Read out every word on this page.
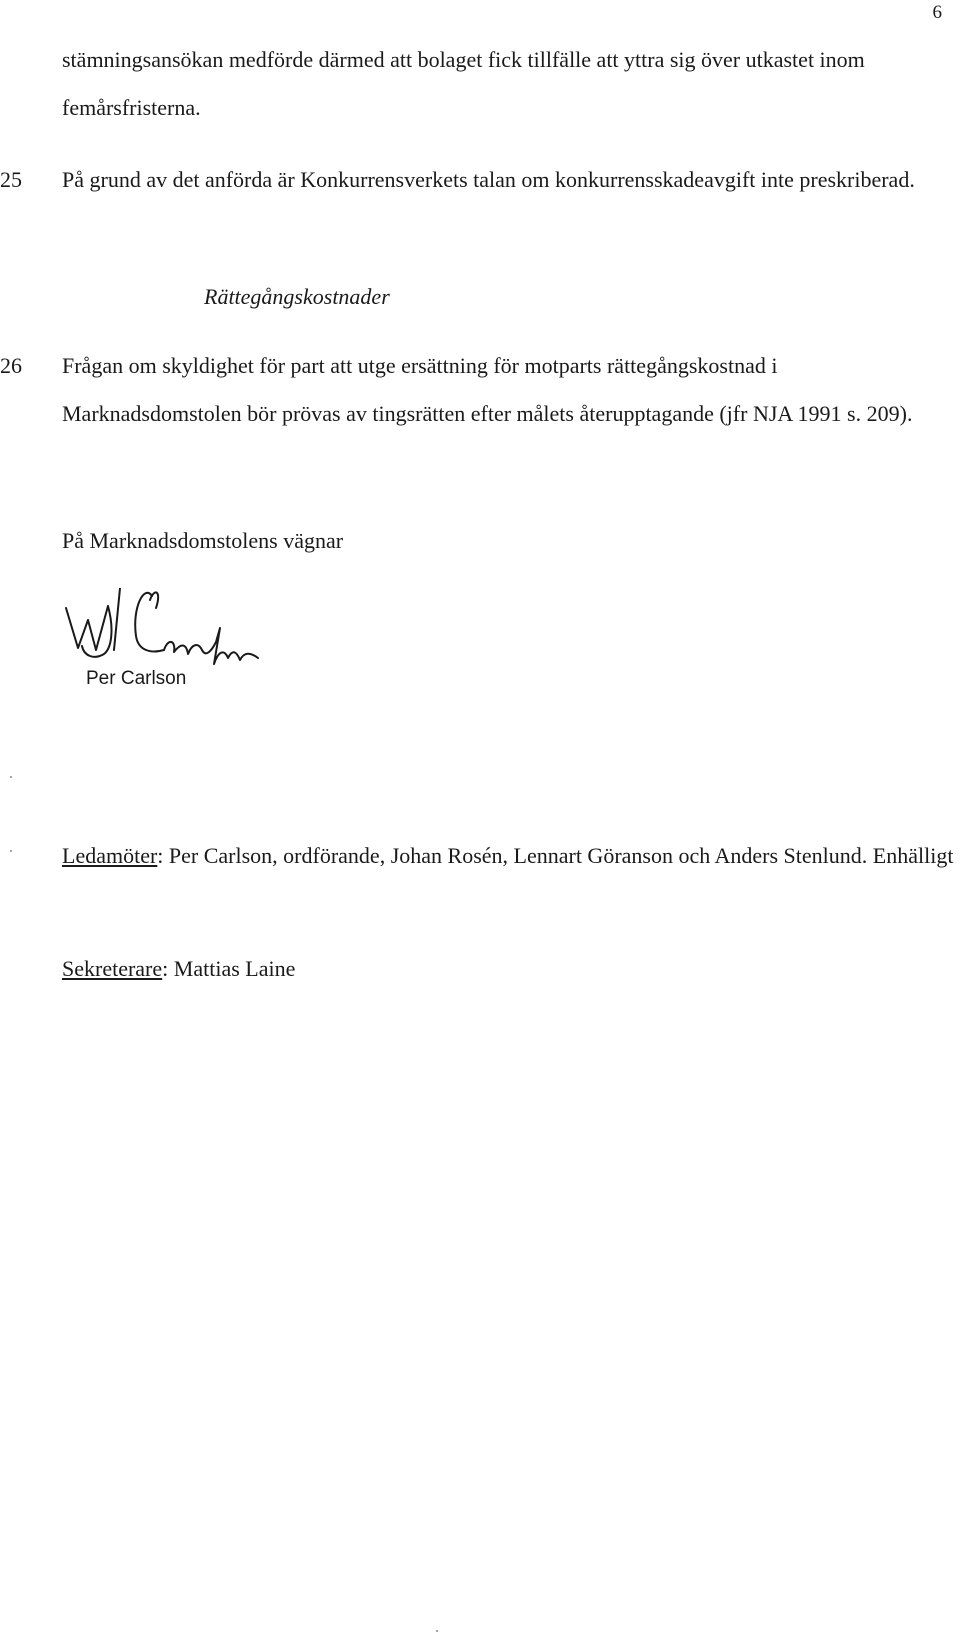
6

stämningsansökan medförde därmed att bolaget fick tillfälle att yttra sig över utkastet inom femårsfristerna.

25 På grund av det anförda är Konkurrensverkets talan om konkurrensskadeavgift inte preskriberad.

Rättegångskostnader
26 Frågan om skyldighet för part att utge ersättning för motparts rättegångskostnad i Marknadsdomstolen bör prövas av tingsrätten efter målets återupptagande (jfr NJA 1991 s. 209).

På Marknadsdomstolens vägnar
Per Carlson
Ledamöter: Per Carlson, ordförande, Johan Rosén, Lennart Göranson och Anders Stenlund. Enhälligt
Sekreterare: Mattias Laine
